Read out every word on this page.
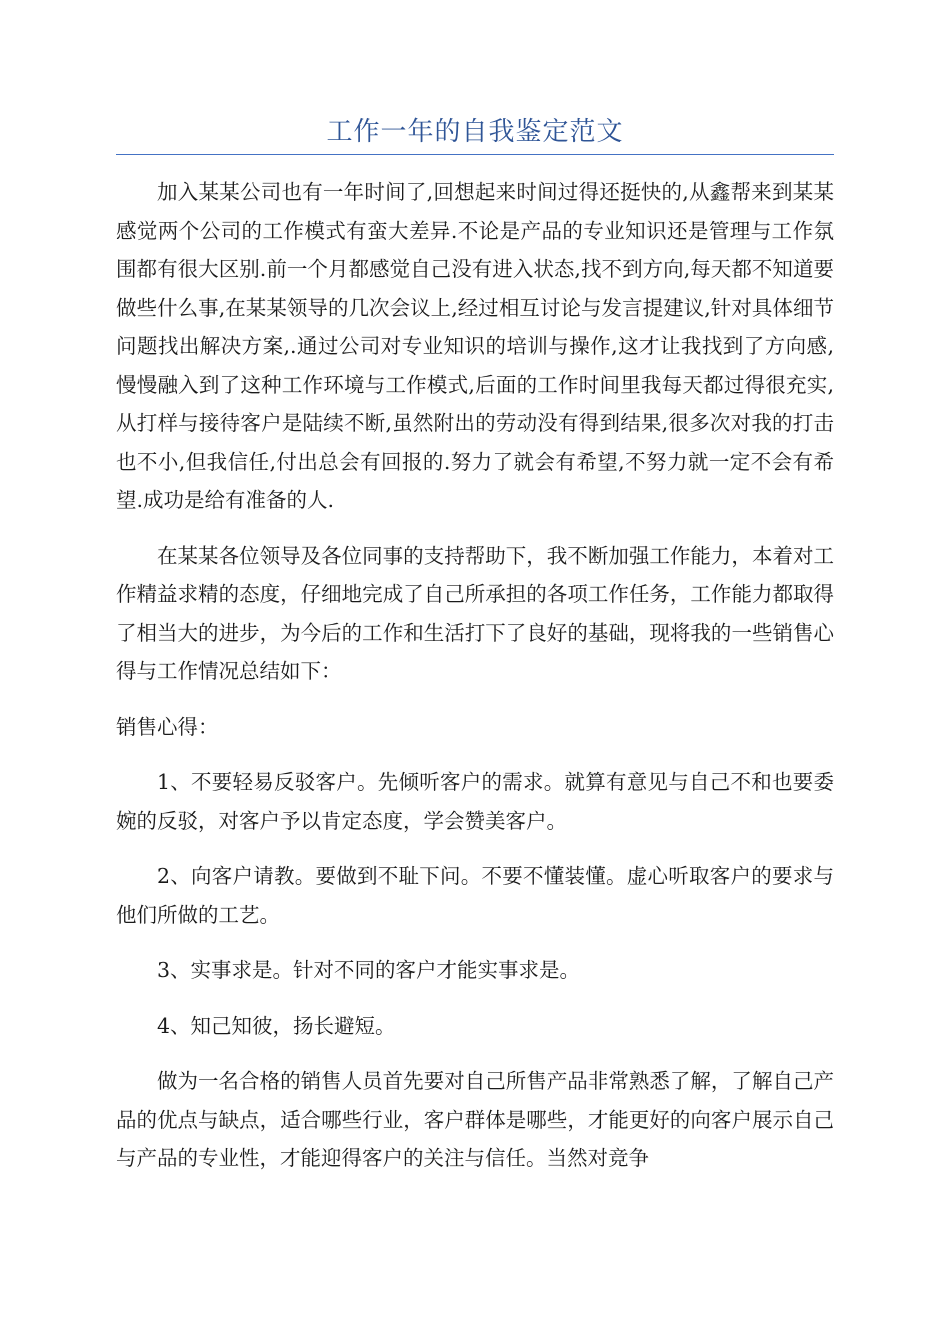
工作一年的自我鉴定范文

加入某某公司也有一年时间了,回想起来时间过得还挺快的,从鑫帮来到某某感觉两个公司的工作模式有蛮大差异.不论是产品的专业知识还是管理与工作氛围都有很大区别.前一个月都感觉自己没有进入状态,找不到方向,每天都不知道要做些什么事,在某某领导的几次会议上,经过相互讨论与发言提建议,针对具体细节问题找出解决方案,.通过公司对专业知识的培训与操作,这才让我找到了方向感,慢慢融入到了这种工作环境与工作模式,后面的工作时间里我每天都过得很充实,从打样与接待客户是陆续不断,虽然附出的劳动没有得到结果,很多次对我的打击也不小,但我信任,付出总会有回报的.努力了就会有希望,不努力就一定不会有希望.成功是给有准备的人.

在某某各位领导及各位同事的支持帮助下，我不断加强工作能力，本着对工作精益求精的态度，仔细地完成了自己所承担的各项工作任务，工作能力都取得了相当大的进步，为今后的工作和生活打下了良好的基础，现将我的一些销售心得与工作情况总结如下：

销售心得：

1、不要轻易反驳客户。先倾听客户的需求。就算有意见与自己不和也要委婉的反驳，对客户予以肯定态度，学会赞美客户。

2、向客户请教。要做到不耻下问。不要不懂装懂。虚心听取客户的要求与他们所做的工艺。

3、实事求是。针对不同的客户才能实事求是。

4、知己知彼，扬长避短。

做为一名合格的销售人员首先要对自己所售产品非常熟悉了解，了解自己产品的优点与缺点，适合哪些行业，客户群体是哪些，才能更好的向客户展示自己与产品的专业性，才能迎得客户的关注与信任。当然对竞争
